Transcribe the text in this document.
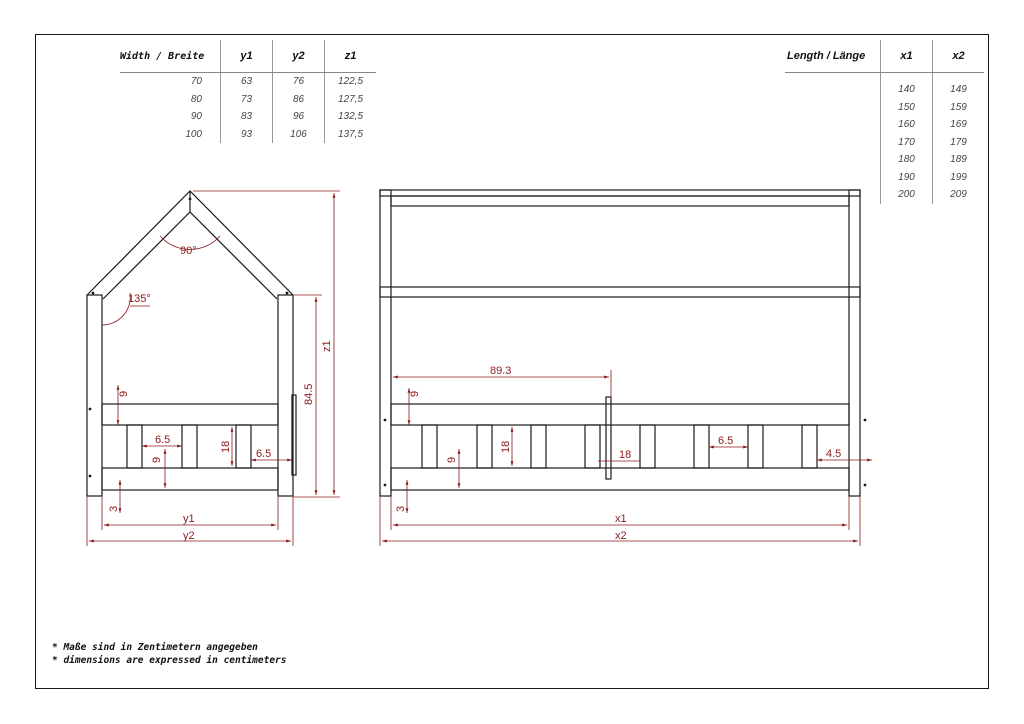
Width / Breite	y1	y2	z1
70	63	76	122,5
80	73	86	127,5
90	83	96	132,5
100	93	106	137,5
Length / Länge	x1	x2

	140	149
	150	159
	160	169
	170	179
	180	189
	190	199
	200	209
90°
135°
z1
84.5
9
6.5
18
9	6.5
3
y1
y2
89.3
9
18
9	18
6.5
4.5
3
x1
x2
* Maße sind in Zentimetern angegeben
* dimensions are expressed in centimeters
